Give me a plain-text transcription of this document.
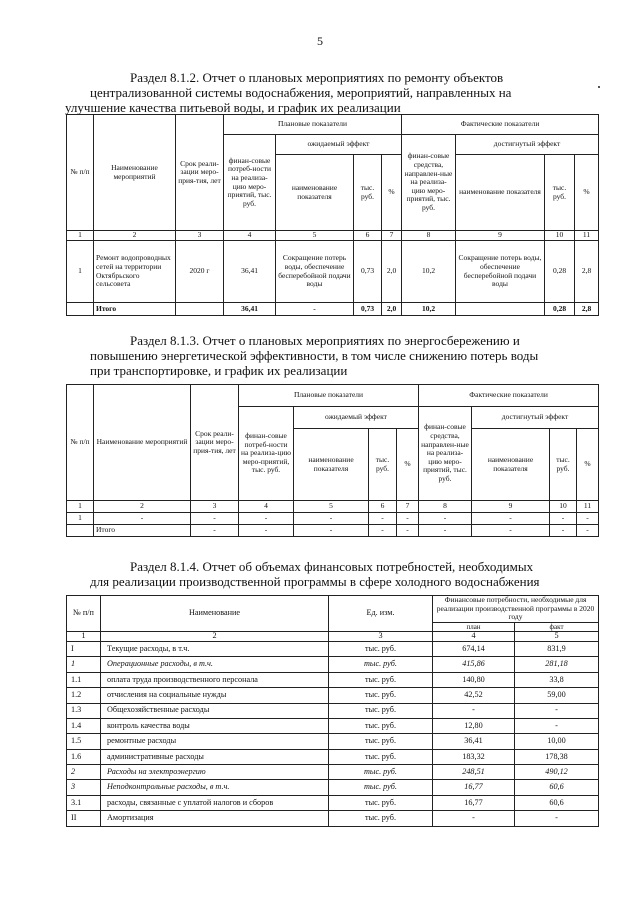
5
Раздел 8.1.2. Отчет о плановых мероприятиях по ремонту объектов
централизованной системы водоснабжения, мероприятий, направленных на
улучшение качества питьевой воды, и график их реализации
№ п/п	Наименование мероприятий	Срок реали-зации меро-прия-тия, лет	Плановые показатели				Фактические показатели			
			финан-совые потреб-ности на реализа-цию меро-приятий, тыс. руб.	ожидаемый эффект			финан-совые средства, направлен-ные на реализа-цию меро-приятий, тыс. руб.	достигнутый эффект		
				наименование показателя	тыс. руб.	%		наименование показателя	тыс. руб.	%
1	2	3	4	5	6	7	8	9	10	11
1	Ремонт водопроводных сетей на территории Октябрьского сельсовета	2020 г	36,41	Сокращение потерь воды, обеспечение бесперебойной подачи воды	0,73	2,0	10,2	Сокращение потерь воды, обеспечение бесперебойной подачи воды	0,28	2,8
	Итого		36,41	-	0,73	2,0	10,2		0,28	2,8
Раздел 8.1.3. Отчет о плановых мероприятиях по энергосбережению и
повышению энергетической эффективности, в том числе снижению потерь воды
при транспортировке, и график их реализации
№ п/п	Наименование мероприятий	Срок реали-зации меро-прия-тия, лет	Плановые показатели				Фактические показатели			
			финан-совые потреб-ности на реализа-цию меро-приятий, тыс. руб.	ожидаемый эффект			финан-совые средства, направлен-ные на реализа-цию меро-приятий, тыс. руб.	достигнутый эффект		
				наименование показателя	тыс. руб.	%		наименование показателя	тыс. руб.	%
1	2	3	4	5	6	7	8	9	10	11
1	-	-	-	-	-	-	-	-	-	-
	Итого	-	-	-	-	-	-	-	-	-
Раздел 8.1.4. Отчет об объемах финансовых потребностей, необходимых
для реализации производственной программы в сфере холодного водоснабжения
№ п/п	Наименование	Ед. изм.	Финансовые потребности, необходимые для реализации производственной программы в 2020 году	
			план	факт
1	2	3	4	5
I	Текущие расходы, в т.ч.	тыс. руб.	674,14	831,9
1	Операционные расходы, в т.ч.	тыс. руб.	415,86	281,18
1.1	оплата труда производственного персонала	тыс. руб.	140,80	33,8
1.2	отчисления на социальные нужды	тыс. руб.	42,52	59,00
1.3	Общехозяйственные расходы	тыс. руб.	-	-
1.4	контроль качества воды	тыс. руб.	12,80	-
1.5	ремонтные расходы	тыс. руб.	36,41	10,00
1.6	административные расходы	тыс. руб.	183,32	178,38
2	Расходы на электроэнергию	тыс. руб.	248,51	490,12
3	Неподконтрольные расходы, в т.ч.	тыс. руб.	16,77	60,6
3.1	расходы, связанные с уплатой налогов и сборов	тыс. руб.	16,77	60,6
II	Амортизация	тыс. руб.	-	-
